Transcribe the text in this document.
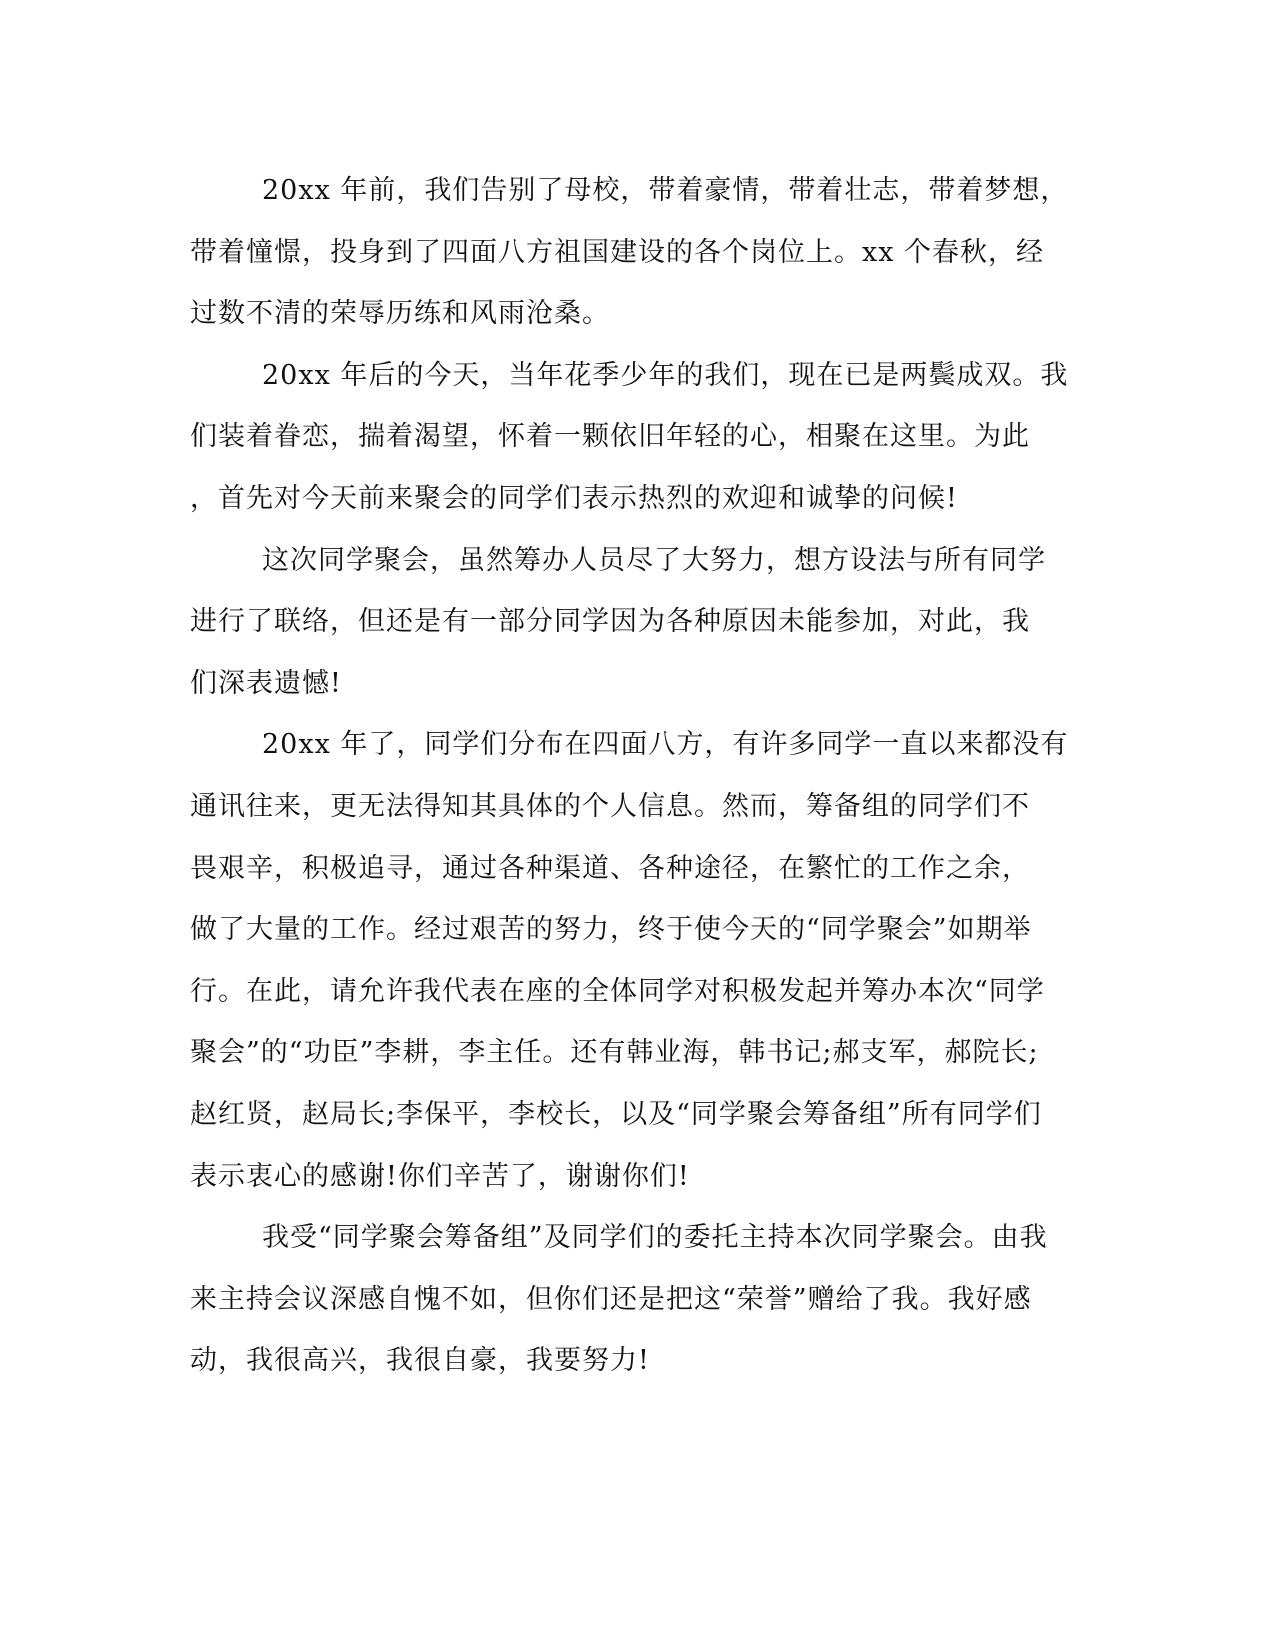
20xx 年前，我们告别了母校，带着豪情，带着壮志，带着梦想，
带着憧憬，投身到了四面八方祖国建设的各个岗位上。xx 个春秋，经
过数不清的荣辱历练和风雨沧桑。
20xx 年后的今天，当年花季少年的我们，现在已是两鬓成双。我
们装着眷恋，揣着渴望，怀着一颗依旧年轻的心，相聚在这里。为此
，首先对今天前来聚会的同学们表示热烈的欢迎和诚挚的问候!
这次同学聚会，虽然筹办人员尽了大努力，想方设法与所有同学
进行了联络，但还是有一部分同学因为各种原因未能参加，对此，我
们深表遗憾!
20xx 年了，同学们分布在四面八方，有许多同学一直以来都没有
通讯往来，更无法得知其具体的个人信息。然而，筹备组的同学们不
畏艰辛，积极追寻，通过各种渠道、各种途径，在繁忙的工作之余，
做了大量的工作。经过艰苦的努力，终于使今天的“同学聚会”如期举
行。在此，请允许我代表在座的全体同学对积极发起并筹办本次“同学
聚会”的“功臣”李耕，李主任。还有韩业海，韩书记;郝支军，郝院长;
赵红贤，赵局长;李保平，李校长，以及“同学聚会筹备组”所有同学们
表示衷心的感谢!你们辛苦了，谢谢你们!
我受“同学聚会筹备组”及同学们的委托主持本次同学聚会。由我
来主持会议深感自愧不如，但你们还是把这“荣誉”赠给了我。我好感
动，我很高兴，我很自豪，我要努力!
